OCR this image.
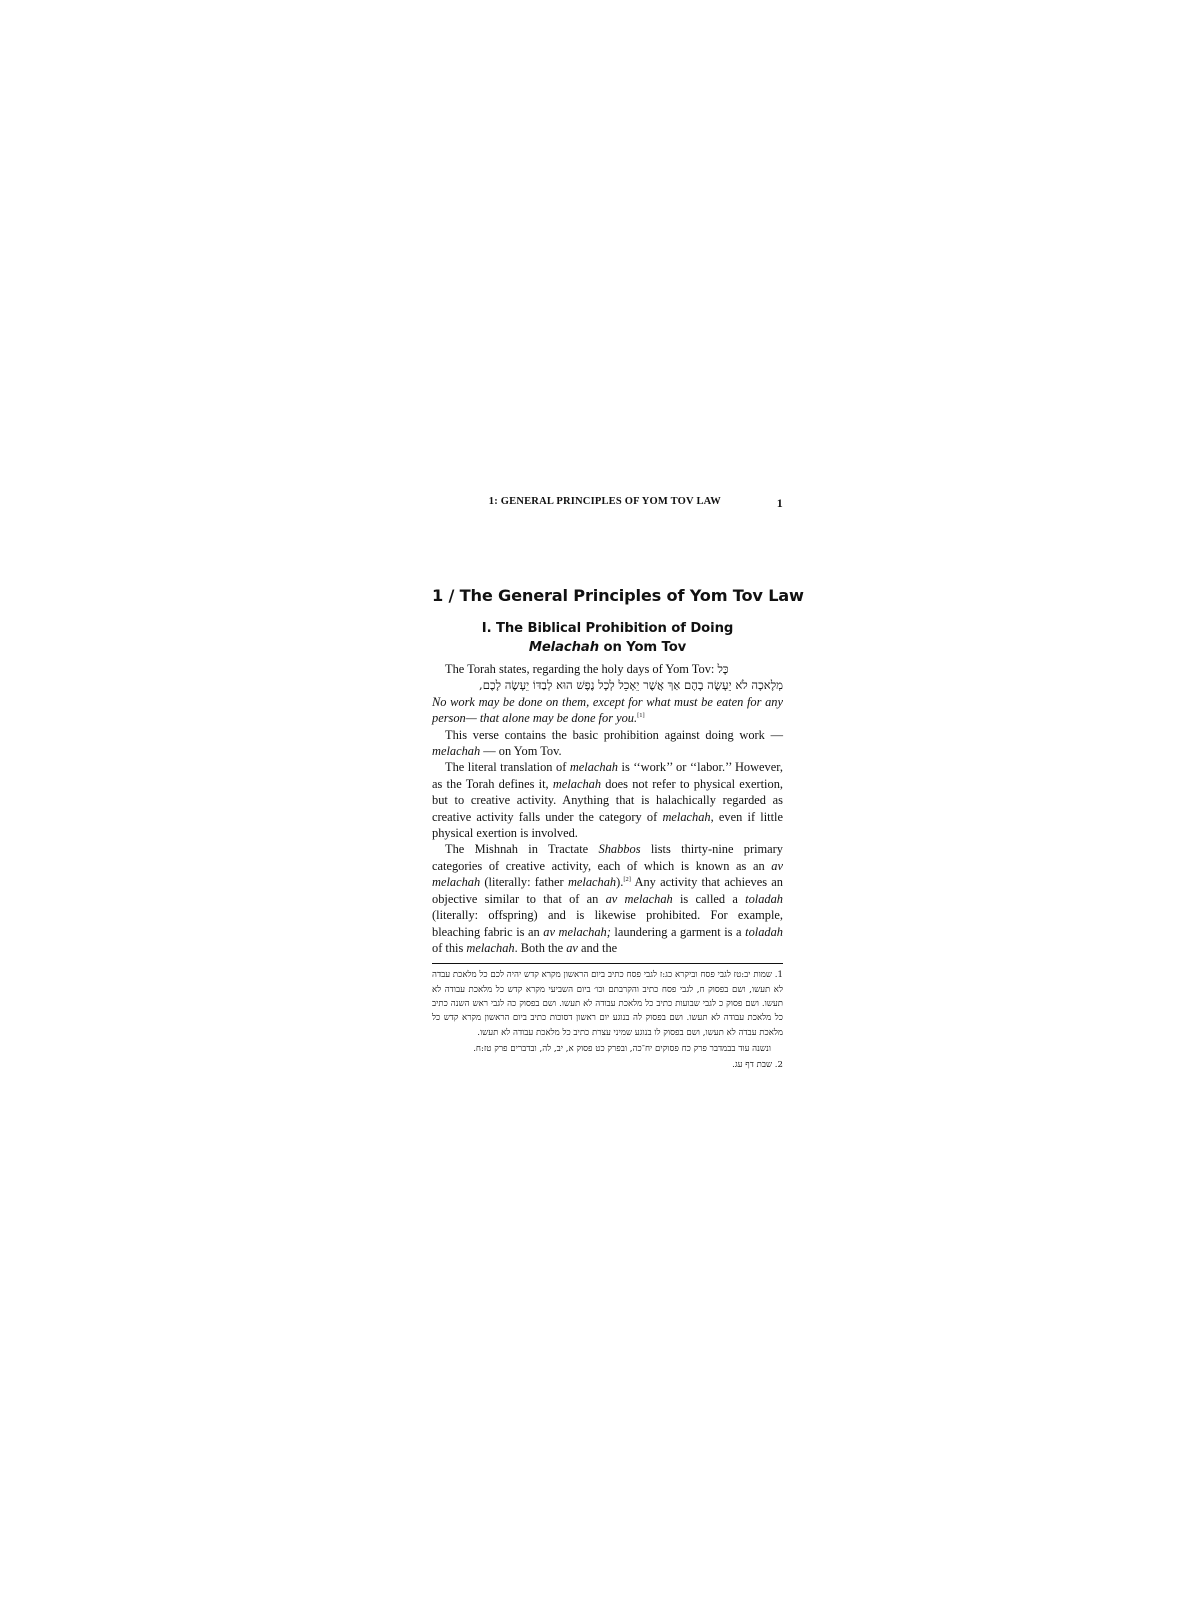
1: GENERAL PRINCIPLES OF YOM TOV LAW	1
1 / The General Principles of Yom Tov Law
I. The Biblical Prohibition of Doing
Melachah on Yom Tov

The Torah states, regarding the holy days of Yom Tov: כָּל
מְלָאכָה לֹא יֵעָשֶׂה בָהֶם אַךְ אֲשֶׁר יֵאָכֵל לְכָל נֶפֶשׁ הוּא לְבַדּוֹ יֵעָשֶׂה לָכֶם,
No work may be done on them, except for what must be eaten for any person— that alone may be done for you.[1]

This verse contains the basic prohibition against doing work — melachah — on Yom Tov.

The literal translation of melachah is ‘‘work’’ or ‘‘labor.’’ However, as the Torah defines it, melachah does not refer to physical exertion, but to creative activity. Anything that is halachically regarded as creative activity falls under the category of melachah, even if little physical exertion is involved.

The Mishnah in Tractate Shabbos lists thirty-nine primary categories of creative activity, each of which is known as an av melachah (literally: father melachah).[2] Any activity that achieves an objective similar to that of an av melachah is called a toladah (literally: offspring) and is likewise prohibited. For example, bleaching fabric is an av melachah; laundering a garment is a toladah of this melachah. Both the av and the

1. שמות יב:טז לגבי פסח וביקרא כג:ז לגבי פסח כתיב ביום הראשון מקרא קדש יהיה לכם כל מלאכת עבדה לא תעשו, ושם בפסוק ח, לגבי פסח כתיב והקרבתם וכו׳ ביום השביעי מקרא קדש כל מלאכת עבודה לא תעשו. ושם פסוק כ לגבי שבועות כתיב כל מלאכת עבודה לא תעשו. ושם בפסוק כה לגבי ראש השנה כתיב כל מלאכת עבודה לא תעשו. ושם בפסוק לה בנוגע יום ראשון דסוכות כתיב ביום הראשון מקרא קדש כל מלאכת עבדה לא תעשו, ושם בפסוק לו בנוגע שמיני עצרת כתיב כל מלאכת עבודה לא תעשו.

ונשנה עוד בבמדבר פרק כח פסוקים יח־כה, ובפרק כט פסוק א, יב, לה, ובדברים פרק טז:ח.

2. שבת דף עג.
